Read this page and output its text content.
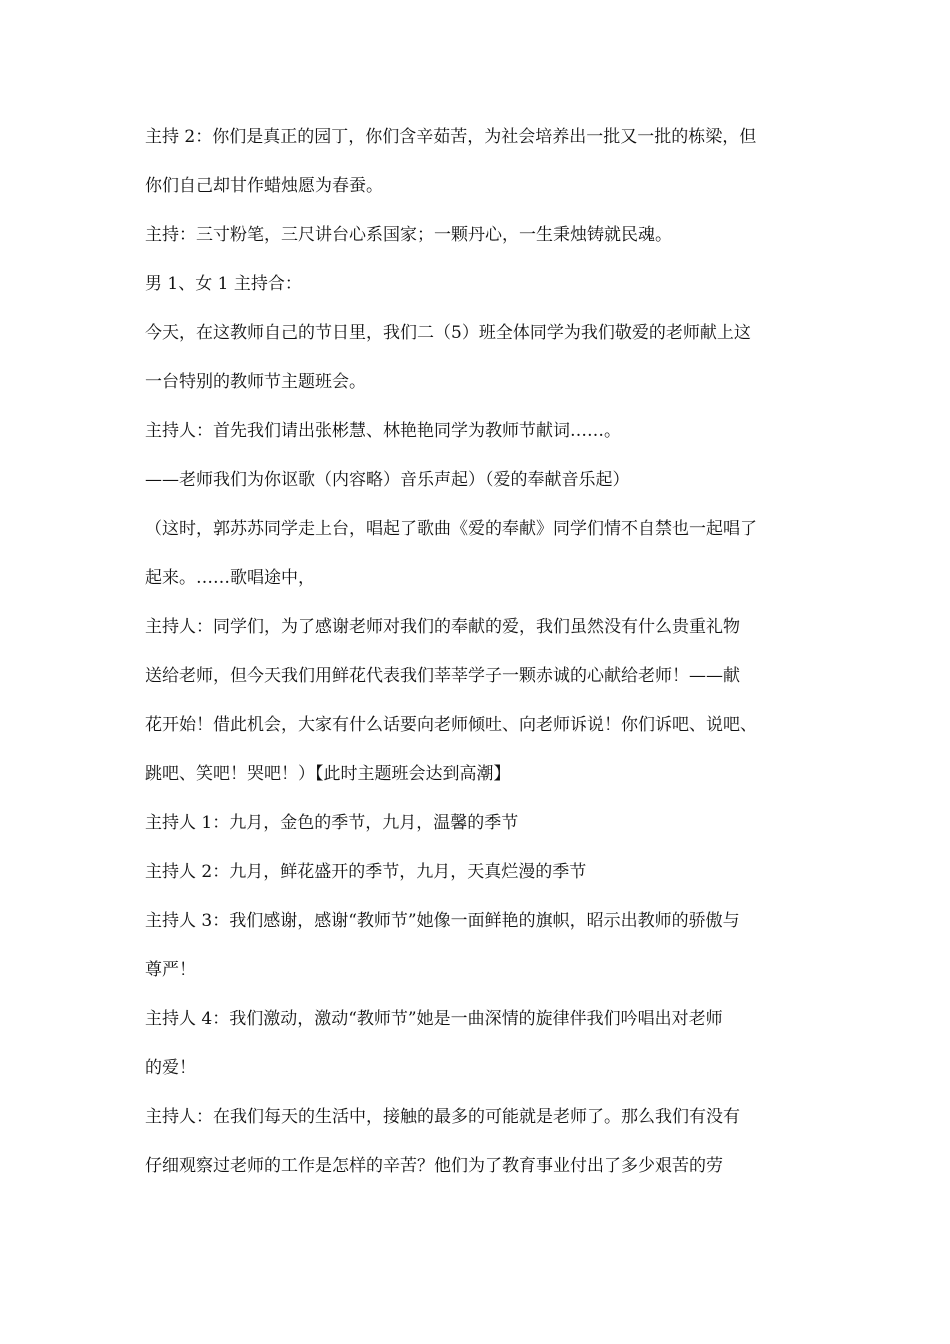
主持 2：你们是真正的园丁，你们含辛茹苦，为社会培养出一批又一批的栋梁，但
你们自己却甘作蜡烛愿为春蚕。
主持：三寸粉笔，三尺讲台心系国家；一颗丹心，一生秉烛铸就民魂。
男 1、女 1 主持合：
今天，在这教师自己的节日里，我们二（5）班全体同学为我们敬爱的老师献上这
一台特别的教师节主题班会。
主持人：首先我们请出张彬慧、林艳艳同学为教师节献词……。
——老师我们为你讴歌（内容略）音乐声起）（爱的奉献音乐起）
（这时，郭苏苏同学走上台，唱起了歌曲《爱的奉献》同学们情不自禁也一起唱了
起来。……歌唱途中，
主持人：同学们，为了感谢老师对我们的奉献的爱，我们虽然没有什么贵重礼物
送给老师，但今天我们用鲜花代表我们莘莘学子一颗赤诚的心献给老师！——献
花开始！借此机会，大家有什么话要向老师倾吐、向老师诉说！你们诉吧、说吧、
跳吧、笑吧！哭吧！）【此时主题班会达到高潮】
主持人 1：九月，金色的季节，九月，温馨的季节
主持人 2：九月，鲜花盛开的季节，九月，天真烂漫的季节
主持人 3：我们感谢，感谢“教师节”她像一面鲜艳的旗帜，昭示出教师的骄傲与
尊严！
主持人 4：我们激动，激动“教师节”她是一曲深情的旋律伴我们吟唱出对老师
的爱！
主持人：在我们每天的生活中，接触的最多的可能就是老师了。那么我们有没有
仔细观察过老师的工作是怎样的辛苦？他们为了教育事业付出了多少艰苦的劳
